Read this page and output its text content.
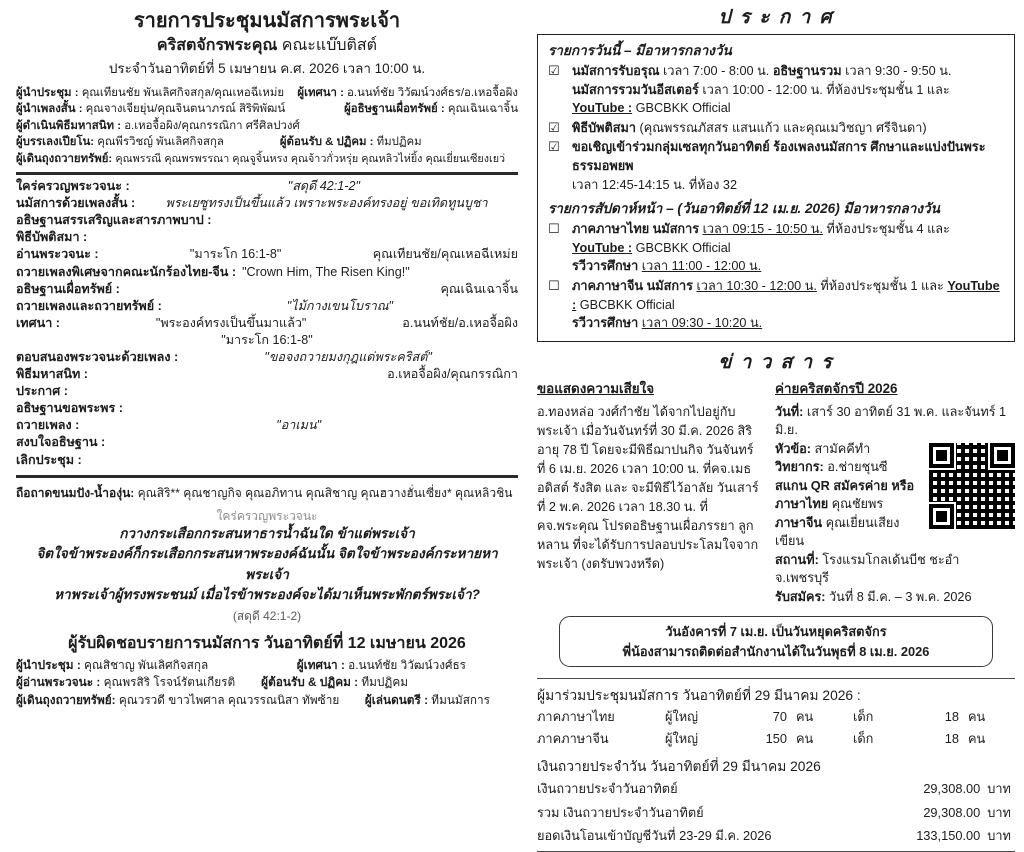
รายการประชุมนมัสการพระเจ้า
คริสตจักรพระคุณ คณะแบ๊บติสต์
ประจำวันอาทิตย์ที่ 5 เมษายน ค.ศ. 2026 เวลา 10:00 น.
ผู้นำประชุม : คุณเทียนชัย พันเลิศกิจสกุล/คุณเหอฉีเหม่ย ผู้เทศนา : อ.นนท์ชัย วิวัฒน์วงศ์ธร/อ.เหอจื้อผิง
ผู้นำเพลงสั้น : คุณจางเจียยุ่น/คุณจินตนาภรณ์ สิริพิพัฒน์	ผู้อธิษฐานเผื่อทรัพย์ : คุณเฉินเฉาจิ้น
ผู้ดำเนินพิธีมหาสนิท : อ.เหอจื้อผิง/คุณกรรณิกา ศรีศิลปวงศ์
ผู้บรรเลงเปียโน: คุณพีรวิชญ์ พันเลิศกิจสกุล	ผู้ต้อนรับ & ปฏิคม : ทีมปฏิคม
ผู้เดินถุงถวายทรัพย์: คุณพรรณี คุณพรพรรณา คุณจูจิ้นหรง คุณจ้าวกั่วหรุ่ย คุณหลิวไห่ยิ้ง คุณเยี่ยนเซียงเยว่
ใคร่ครวญพระวจนะ :	"สดุดี 42:1-2"
นมัสการด้วยเพลงสั้น :	พระเยซูทรงเป็นขึ้นแล้ว เพราะพระองค์ทรงอยู่ ขอเทิดทูนบูชา
อธิษฐานสรรเสริญและสารภาพบาป :
พิธีบัพติสมา :
อ่านพระวจนะ :	"มาระโก 16:1-8"	คุณเทียนชัย/คุณเหอฉีเหม่ย
ถวายเพลงพิเศษจากคณะนักร้องไทย-จีน : "Crown Him, The Risen King!"
อธิษฐานเผื่อทรัพย์ :	คุณเฉินเฉาจิ้น
ถวายเพลงและถวายทรัพย์ :	"ไม้กางเขนโบราณ"
เทศนา :	"พระองค์ทรงเป็นขึ้นมาแล้ว"	อ.นนท์ชัย/อ.เหอจื้อผิง
"มาระโก 16:1-8"
ตอบสนองพระวจนะด้วยเพลง :	"ขอจงถวายมงกุฎแด่พระคริสต์"
พิธีมหาสนิท :	อ.เหอจื้อผิง/คุณกรรณิกา
ประกาศ :
อธิษฐานขอพระพร :
ถวายเพลง :	"อาเมน"
สงบใจอธิษฐาน :
เลิกประชุม :
ถือถาดขนมปัง-น้ำองุ่น: คุณสิริ** คุณชาญกิจ คุณอภิทาน คุณสิชาญ คุณฮวางฮั่นเซี่ยง* คุณหลิวชิน
ใคร่ครวญพระวจนะ
กวางกระเสือกกระสนหาธารน้ำฉันใด ข้าแต่พระเจ้า
จิตใจข้าพระองค์ก็กระเสือกกระสนหาพระองค์ฉันนั้น จิตใจข้าพระองค์กระหายหาพระเจ้า
หาพระเจ้าผู้ทรงพระชนม์ เมื่อไรข้าพระองค์จะได้มาเห็นพระพักตร์พระเจ้า?
(สดุดี 42:1-2)
ผู้รับผิดชอบรายการนมัสการ วันอาทิตย์ที่ 12 เมษายน 2026
ผู้นำประชุม : คุณสิชาญ พันเลิศกิจสกุล	ผู้เทศนา : อ.นนท์ชัย วิวัฒน์วงศ์ธร
ผู้อ่านพระวจนะ : คุณพรสิริ โรจน์รัตนเกียรติ ผู้ต้อนรับ & ปฏิคม : ทีมปฏิคม
ผู้เดินถุงถวายทรัพย์: คุณวรวดี ขาวไพศาล คุณวรรณนิสา ทัพซ้าย ผู้เล่นดนตรี : ทีมนมัสการ
ป ร ะ ก า ศ
รายการวันนี้ – มีอาหารกลางวัน
☑ นมัสการรับอรุณ เวลา 7:00 - 8:00 น. อธิษฐานรวม เวลา 9:30 - 9:50 น.
นมัสการรวมวันอีสเตอร์ เวลา 10:00 - 12:00 น. ที่ห้องประชุมชั้น 1 และ YouTube : GBCBKK Official
☑ พิธีบัพติสมา (คุณพรรณภัสสร แสนแก้ว และคุณเมวิชญา ศรีจินดา)
☑ ขอเชิญเข้าร่วมกลุ่มเซลทุกวันอาทิตย์ ร้องเพลงนมัสการ ศึกษาและแบ่งปันพระธรรมอพยพ
เวลา 12:45-14:15 น. ที่ห้อง 32
รายการสัปดาห์หน้า – (วันอาทิตย์ที่ 12 เม.ย. 2026) มีอาหารกลางวัน
☐ ภาคภาษาไทย นมัสการ เวลา 09:15 - 10:50 น. ที่ห้องประชุมชั้น 4 และ YouTube : GBCBKK Official
รวีวารศึกษา เวลา 11:00 - 12:00 น.
☐ ภาคภาษาจีน นมัสการ เวลา 10:30 - 12:00 น. ที่ห้องประชุมชั้น 1 และ YouTube : GBCBKK Official
รวีวารศึกษา เวลา 09:30 - 10:20 น.
ข่ า ว ส า ร
ขอแสดงความเสียใจ
อ.ทองหล่อ วงศ์กำชัย ได้จากไปอยู่กับพระเจ้า เมื่อวันจันทร์ที่ 30 มี.ค. 2026 สิริอายุ 78 ปี โดยจะมีพิธีฌาปนกิจ วันจันทร์ที่ 6 เม.ย. 2026 เวลา 10:00 น. ที่คจ.เมธอดิสต์ รังสิต และ จะมีพิธีไว้อาลัย วันเสาร์ที่ 2 พ.ค. 2026 เวลา 18.30 น. ที่ คจ.พระคุณ โปรดอธิษฐานเผื่อภรรยา ลูก หลาน ที่จะได้รับการปลอบประโลมใจจากพระเจ้า (งดรับพวงหรีด)
ค่ายคริสตจักรปี 2026
วันที่: เสาร์ 30 อาทิตย์ 31 พ.ค. และจันทร์ 1 มิ.ย.
หัวข้อ: สามัคคีทำ
วิทยากร: อ.ช่ายชุนซี
สแกน QR สมัครค่าย หรือ
ภาษาไทย คุณชัยพร
ภาษาจีน คุณเยี่ยนเสียงเขียน
สถานที่: โรงแรมโกลเด้นบีช ชะอำ จ.เพชรบุรี
รับสมัคร: วันที่ 8 มี.ค. – 3 พ.ค. 2026
วันอังคารที่ 7 เม.ย. เป็นวันหยุดคริสตจักร
พี่น้องสามารถติดต่อสำนักงานได้ในวันพุธที่ 8 เม.ย. 2026
ผู้มาร่วมประชุมนมัสการ วันอาทิตย์ที่ 29 มีนาคม 2026 :
ภาคภาษาไทย	ผู้ใหญ่	70 คน	เด็ก	18 คน
ภาคภาษาจีน	ผู้ใหญ่	150 คน	เด็ก	18 คน
เงินถวายประจำวัน วันอาทิตย์ที่ 29 มีนาคม 2026
เงินถวายประจำวันอาทิตย์	29,308.00 บาท
รวม เงินถวายประจำวันอาทิตย์	29,308.00 บาท
ยอดเงินโอนเข้าบัญชีวันที่ 23-29 มี.ค. 2026	133,150.00 บาท
